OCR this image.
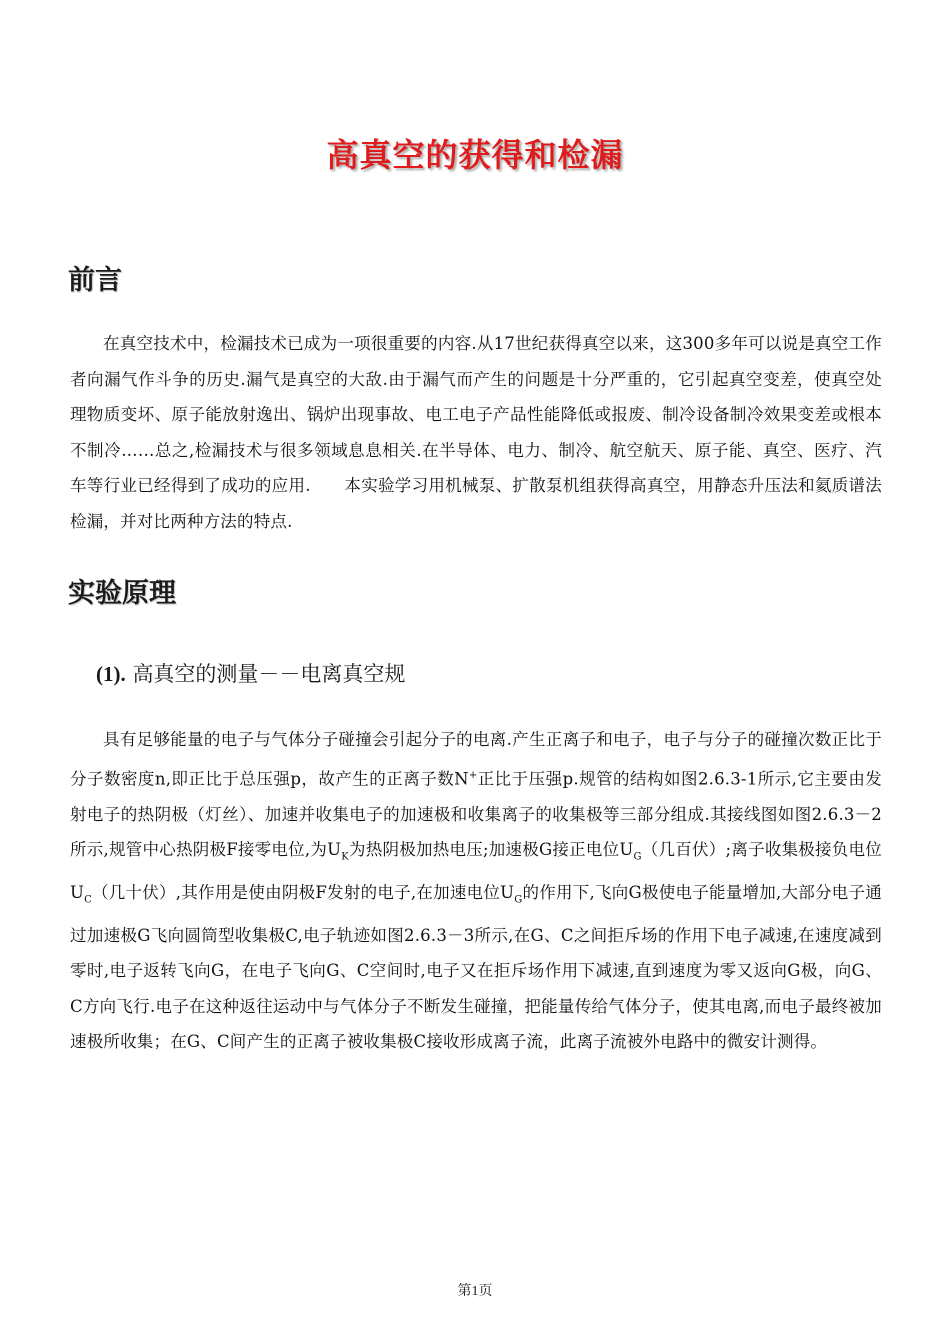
高真空的获得和检漏
前言
在真空技术中，检漏技术已成为一项很重要的内容.从17世纪获得真空以来，这300多年可以说是真空工作者向漏气作斗争的历史.漏气是真空的大敌.由于漏气而产生的问题是十分严重的，它引起真空变差，使真空处理物质变坏、原子能放射逸出、锅炉出现事故、电工电子产品性能降低或报废、制冷设备制冷效果变差或根本不制冷……总之,检漏技术与很多领域息息相关.在半导体、电力、制冷、航空航天、原子能、真空、医疗、汽车等行业已经得到了成功的应用.　　本实验学习用机械泵、扩散泵机组获得高真空，用静态升压法和氦质谱法检漏，并对比两种方法的特点.
实验原理
(1). 高真空的测量－－电离真空规
具有足够能量的电子与气体分子碰撞会引起分子的电离.产生正离子和电子，电子与分子的碰撞次数正比于分子数密度n,即正比于总压强p，故产生的正离子数N+正比于压强p.规管的结构如图2.6.3-1所示,它主要由发射电子的热阴极（灯丝）、加速并收集电子的加速极和收集离子的收集极等三部分组成.其接线图如图2.6.3－2所示,规管中心热阴极F接零电位,为$U_K$为热阴极加热电压;加速极G接正电位$U_G$（几百伏）;离子收集极接负电位$U_C$（几十伏）,其作用是使由阴极F发射的电子,在加速电位$U_G$的作用下,飞向G极使电子能量增加,大部分电子通过加速极G飞向圆筒型收集极C,电子轨迹如图2.6.3－3所示,在G、C之间拒斥场的作用下电子减速,在速度减到零时,电子返转飞向G，在电子飞向G、C空间时,电子又在拒斥场作用下减速,直到速度为零又返向G极，向G、C方向飞行.电子在这种返往运动中与气体分子不断发生碰撞，把能量传给气体分子，使其电离,而电子最终被加速极所收集；在G、C间产生的正离子被收集极C接收形成离子流，此离子流被外电路中的微安计测得。
第1页
